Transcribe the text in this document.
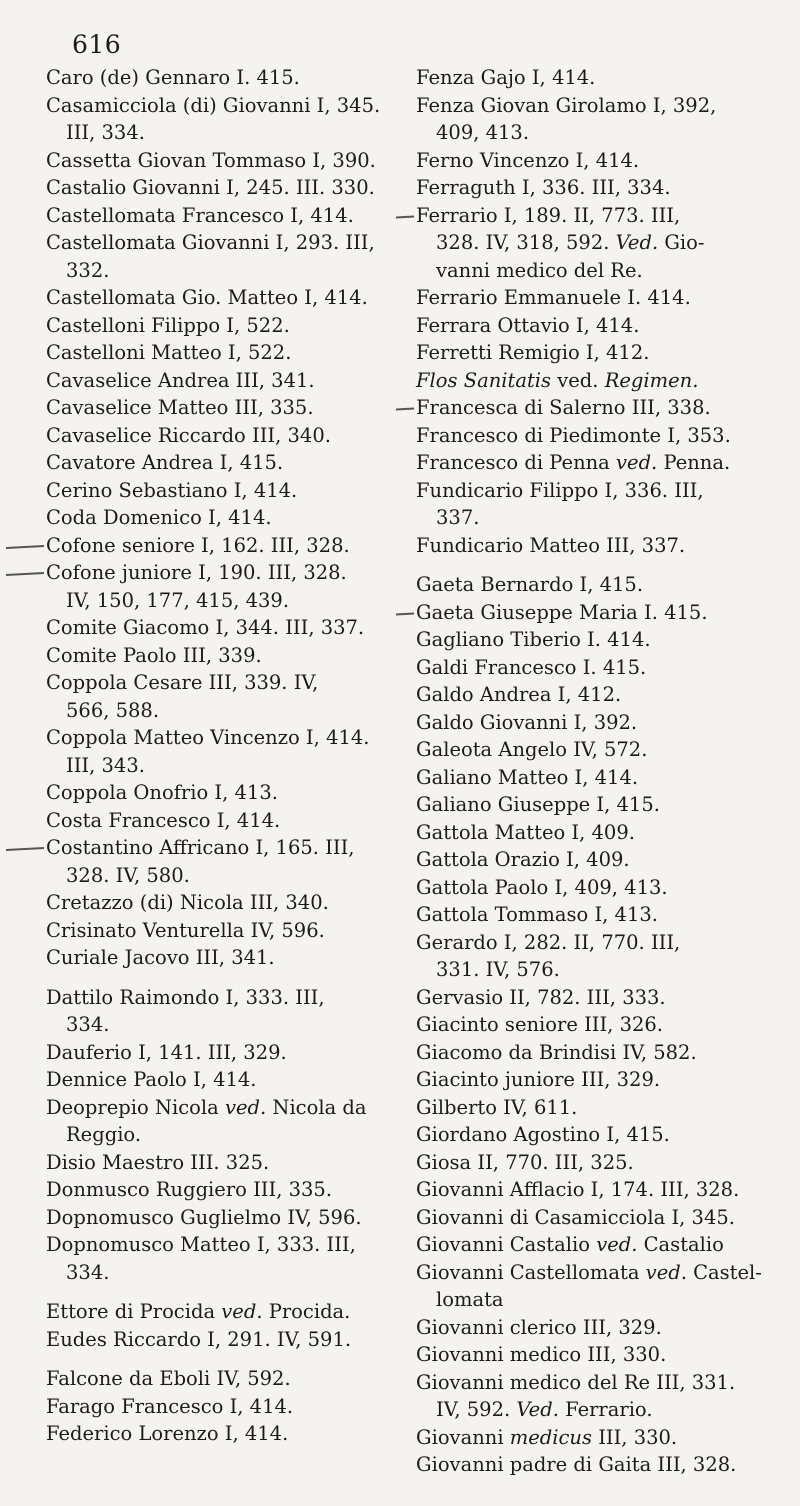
616
Caro (de) Gennaro I. 415.
Casamicciola (di) Giovanni I, 345.
III, 334.
Cassetta Giovan Tommaso I, 390.
Castalio Giovanni I, 245. III. 330.
Castellomata Francesco I, 414.
Castellomata Giovanni I, 293. III,
332.
Castellomata Gio. Matteo I, 414.
Castelloni Filippo I, 522.
Castelloni Matteo I, 522.
Cavaselice Andrea III, 341.
Cavaselice Matteo III, 335.
Cavaselice Riccardo III, 340.
Cavatore Andrea I, 415.
Cerino Sebastiano I, 414.
Coda Domenico I, 414.
Cofone seniore I, 162. III, 328.
Cofone juniore I, 190. III, 328.
IV, 150, 177, 415, 439.
Comite Giacomo I, 344. III, 337.
Comite Paolo III, 339.
Coppola Cesare III, 339. IV,
566, 588.
Coppola Matteo Vincenzo I, 414.
III, 343.
Coppola Onofrio I, 413.
Costa Francesco I, 414.
Costantino Affricano I, 165. III,
328. IV, 580.
Cretazzo (di) Nicola III, 340.
Crisinato Venturella IV, 596.
Curiale Jacovo III, 341.
Dattilo Raimondo I, 333. III,
334.
Dauferio I, 141. III, 329.
Dennice Paolo I, 414.
Deoprepio Nicola ved. Nicola da
Reggio.
Disio Maestro III. 325.
Donmusco Ruggiero III, 335.
Dopnomusco Guglielmo IV, 596.
Dopnomusco Matteo I, 333. III,
334.
Ettore di Procida ved. Procida.
Eudes Riccardo I, 291. IV, 591.
Falcone da Eboli IV, 592.
Farago Francesco I, 414.
Federico Lorenzo I, 414.
Fenza Gajo I, 414.
Fenza Giovan Girolamo I, 392,
409, 413.
Ferno Vincenzo I, 414.
Ferraguth I, 336. III, 334.
Ferrario I, 189. II, 773. III,
328. IV, 318, 592. Ved. Gio-
vanni medico del Re.
Ferrario Emmanuele I. 414.
Ferrara Ottavio I, 414.
Ferretti Remigio I, 412.
Flos Sanitatis ved. Regimen.
Francesca di Salerno III, 338.
Francesco di Piedimonte I, 353.
Francesco di Penna ved. Penna.
Fundicario Filippo I, 336. III,
337.
Fundicario Matteo III, 337.
Gaeta Bernardo I, 415.
Gaeta Giuseppe Maria I. 415.
Gagliano Tiberio I. 414.
Galdi Francesco I. 415.
Galdo Andrea I, 412.
Galdo Giovanni I, 392.
Galeota Angelo IV, 572.
Galiano Matteo I, 414.
Galiano Giuseppe I, 415.
Gattola Matteo I, 409.
Gattola Orazio I, 409.
Gattola Paolo I, 409, 413.
Gattola Tommaso I, 413.
Gerardo I, 282. II, 770. III,
331. IV, 576.
Gervasio II, 782. III, 333.
Giacinto seniore III, 326.
Giacomo da Brindisi IV, 582.
Giacinto juniore III, 329.
Gilberto IV, 611.
Giordano Agostino I, 415.
Giosa II, 770. III, 325.
Giovanni Afflacio I, 174. III, 328.
Giovanni di Casamicciola I, 345.
Giovanni Castalio ved. Castalio
Giovanni Castellomata ved. Castel-
lomata
Giovanni clerico III, 329.
Giovanni medico III, 330.
Giovanni medico del Re III, 331.
IV, 592. Ved. Ferrario.
Giovanni medicus III, 330.
Giovanni padre di Gaita III, 328.
